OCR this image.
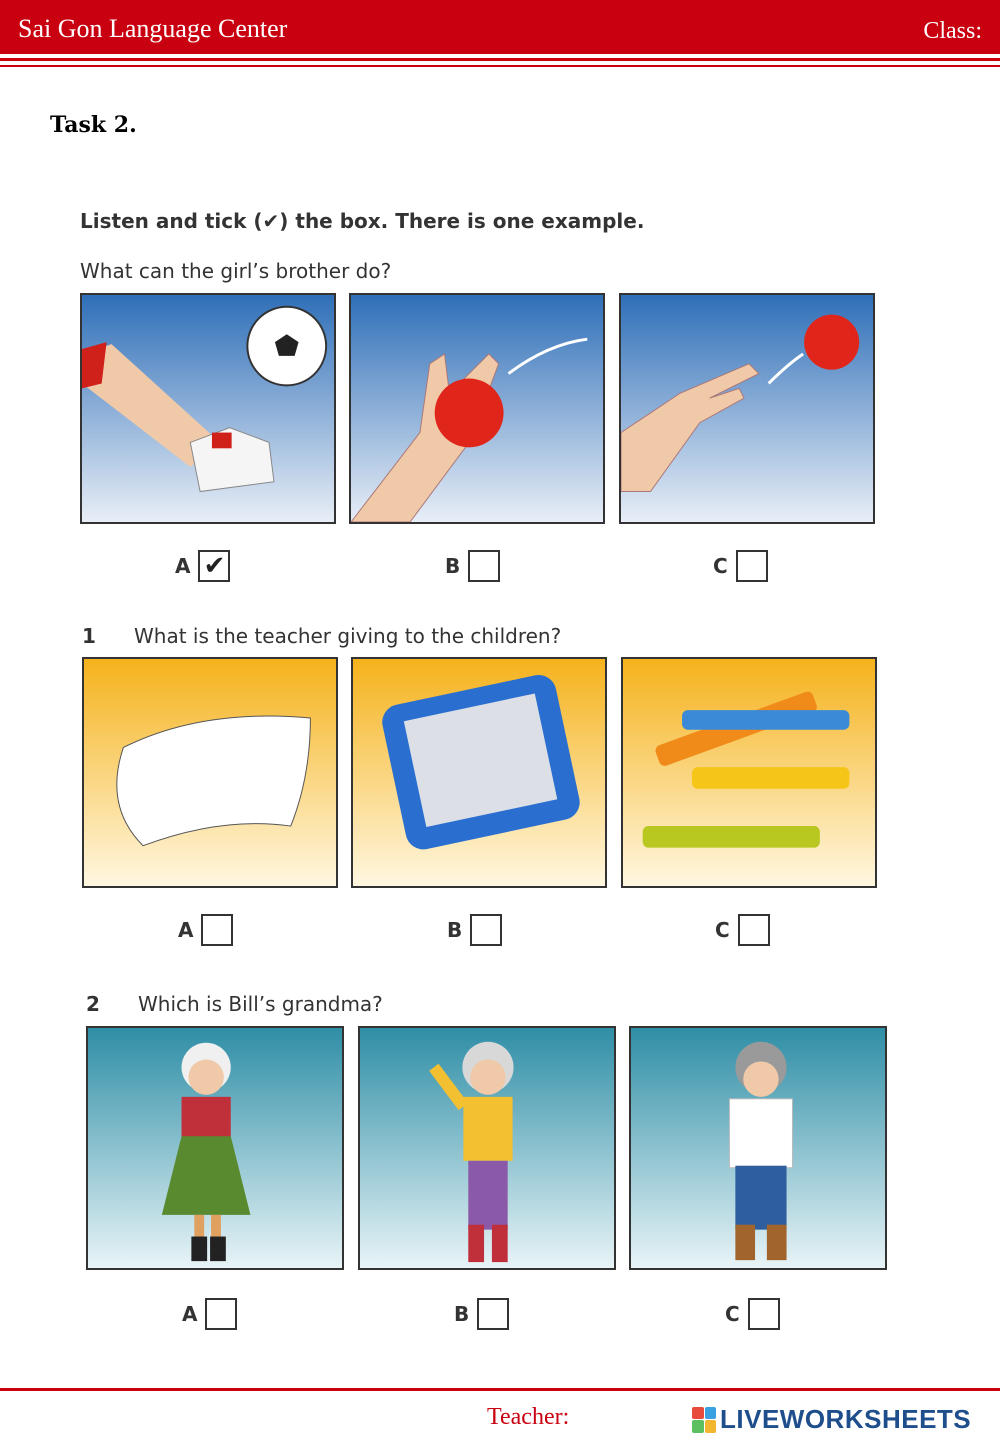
Sai Gon Language Center	Class:
Task 2.
Listen and tick (✔) the box. There is one example.
What can the girl’s brother do?
A ✔	B	C
1 What is the teacher giving to the children?
A	B	C
2 Which is Bill’s grandma?
A	B	C
Teacher:	LIVEWORKSHEETS
